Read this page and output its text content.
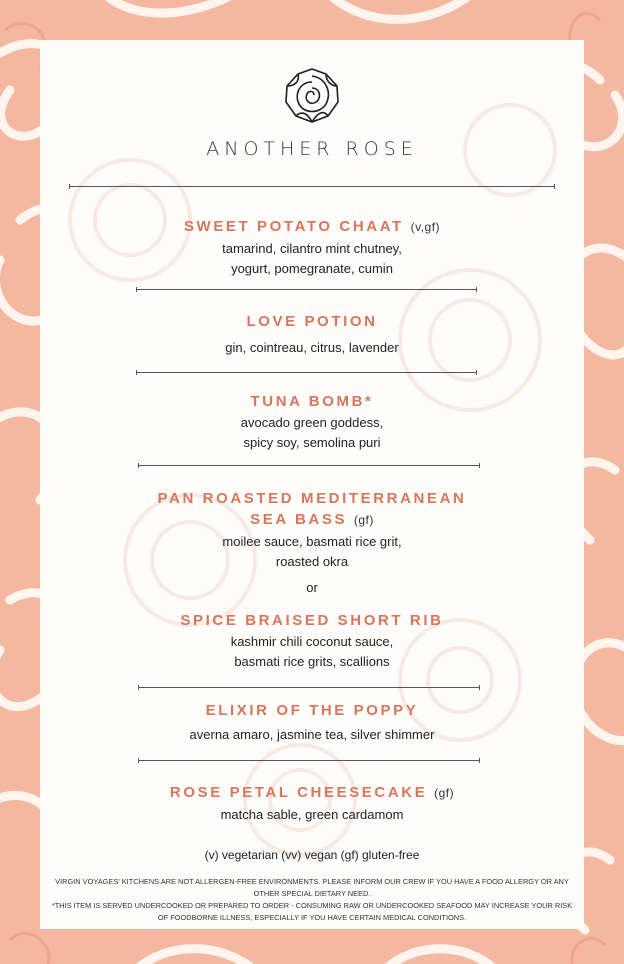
ANOTHER ROSE
SWEET POTATO CHAAT (v,gf)
tamarind, cilantro mint chutney,
yogurt, pomegranate, cumin
LOVE POTION
gin, cointreau, citrus, lavender
TUNA BOMB*
avocado green goddess,
spicy soy, semolina puri
PAN ROASTED MEDITERRANEAN
SEA BASS (gf)
moilee sauce, basmati rice grit,
roasted okra
or
SPICE BRAISED SHORT RIB
kashmir chili coconut sauce,
basmati rice grits, scallions
ELIXIR OF THE POPPY
averna amaro, jasmine tea, silver shimmer
ROSE PETAL CHEESECAKE (gf)
matcha sable, green cardamom
(v) vegetarian (vv) vegan (gf) gluten-free
VIRGIN VOYAGES' KITCHENS ARE NOT ALLERGEN-FREE ENVIRONMENTS. PLEASE INFORM OUR CREW IF YOU HAVE A FOOD ALLERGY OR ANY
OTHER SPECIAL DIETARY NEED.
*THIS ITEM IS SERVED UNDERCOOKED OR PREPARED TO ORDER - CONSUMING RAW OR UNDERCOOKED SEAFOOD MAY INCREASE YOUR RISK
OF FOODBORNE ILLNESS, ESPECIALLY IF YOU HAVE CERTAIN MEDICAL CONDITIONS.
